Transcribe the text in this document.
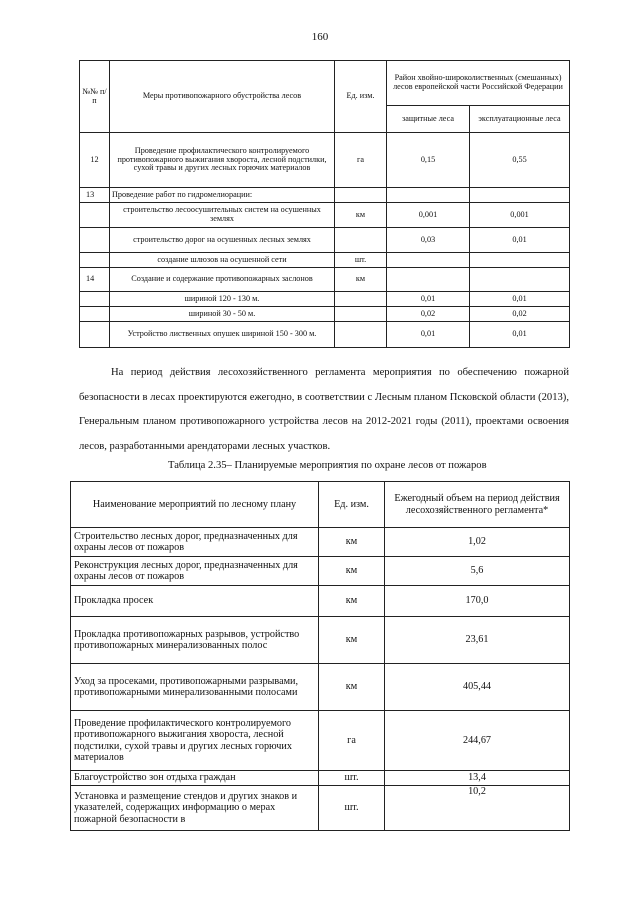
160
№№ п/п	Меры противопожарного обустройства лесов	Ед. изм.	Район хвойно-широколиственных (смешанных) лесов европейской части Российской Федерации	
			защитные леса	эксплуатационные леса
12	Проведение профилактического контролируемого противопожарного выжигания хвороста, лесной подстилки, сухой травы и других лесных горючих материалов	га	0,15	0,55
13	Проведение работ по гидромелиорации:			
	строительство лесоосушительных систем на осушенных землях	км	0,001	0,001
	строительство дорог на осушенных лесных землях		0,03	0,01
	создание шлюзов на осушенной сети	шт.		
14	Создание и содержание противопожарных заслонов	км		
	шириной 120 - 130 м.		0,01	0,01
	шириной 30 - 50 м.		0,02	0,02
	Устройство лиственных опушек шириной 150 - 300 м.		0,01	0,01

На период действия лесохозяйственного регламента мероприятия по обеспечению пожарной безопасности в лесах проектируются ежегодно, в соответствии с Лесным планом Псковской области (2013), Генеральным планом противопожарного устройства лесов на 2012-2021 годы (2011), проектами освоения лесов, разработанными арендаторами лесных участков.

Таблица 2.35– Планируемые мероприятия по охране лесов от пожаров
Наименование мероприятий по лесному плану	Ед. изм.	Ежегодный объем на период действия лесохозяйственного регламента*
Строительство лесных дорог, предназначенных для охраны лесов от пожаров	км	1,02
Реконструкция лесных дорог, предназначенных для охраны лесов от пожаров	км	5,6
Прокладка просек	км	170,0
Прокладка противопожарных разрывов, устройство противопожарных минерализованных полос	км	23,61
Уход за просеками, противопожарными разрывами, противопожарными минерализованными полосами	км	405,44
Проведение профилактического контролируемого противопожарного выжигания хвороста, лесной подстилки, сухой травы и других лесных горючих материалов	га	244,67
Благоустройство зон отдыха граждан	шт.	13,4
Установка и размещение стендов и других знаков и указателей, содержащих информацию о мерах пожарной безопасности в	шт.	10,2
